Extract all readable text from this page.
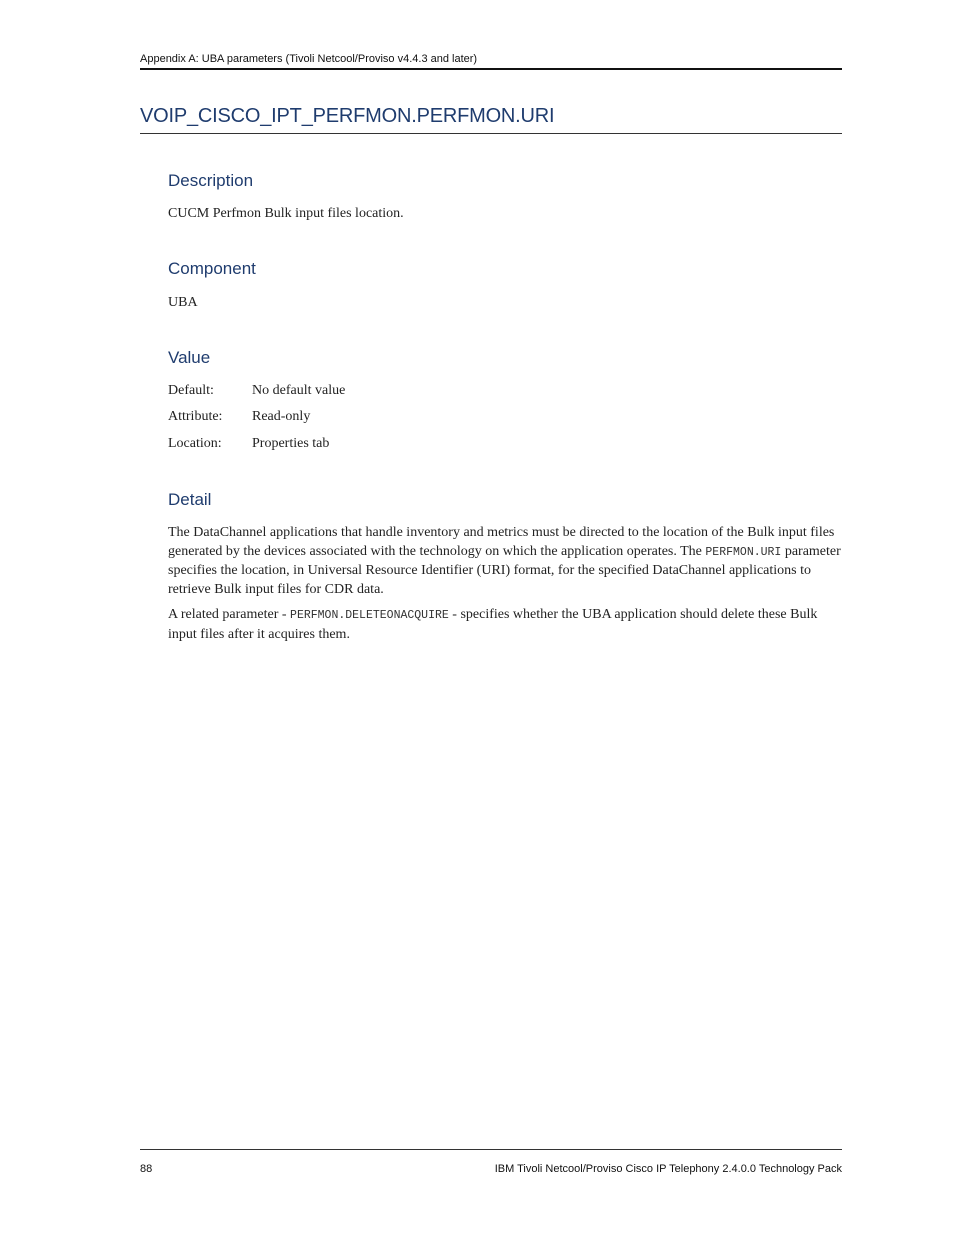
Appendix A: UBA parameters (Tivoli Netcool/Proviso v4.4.3 and later)
VOIP_CISCO_IPT_PERFMON.PERFMON.URI
Description

CUCM Perfmon Bulk input files location.

Component

UBA

Value
Default:	No default value
Attribute: Read-only
Location: Properties tab
Detail

The DataChannel applications that handle inventory and metrics must be directed to the location of the Bulk input files generated by the devices associated with the technology on which the application operates. The PERFMON.URI parameter specifies the location, in Universal Resource Identifier (URI) format, for the specified DataChannel applications to retrieve Bulk input files for CDR data.

A related parameter - PERFMON.DELETEONACQUIRE - specifies whether the UBA application should delete these Bulk input files after it acquires them.

88	IBM Tivoli Netcool/Proviso Cisco IP Telephony 2.4.0.0 Technology Pack
